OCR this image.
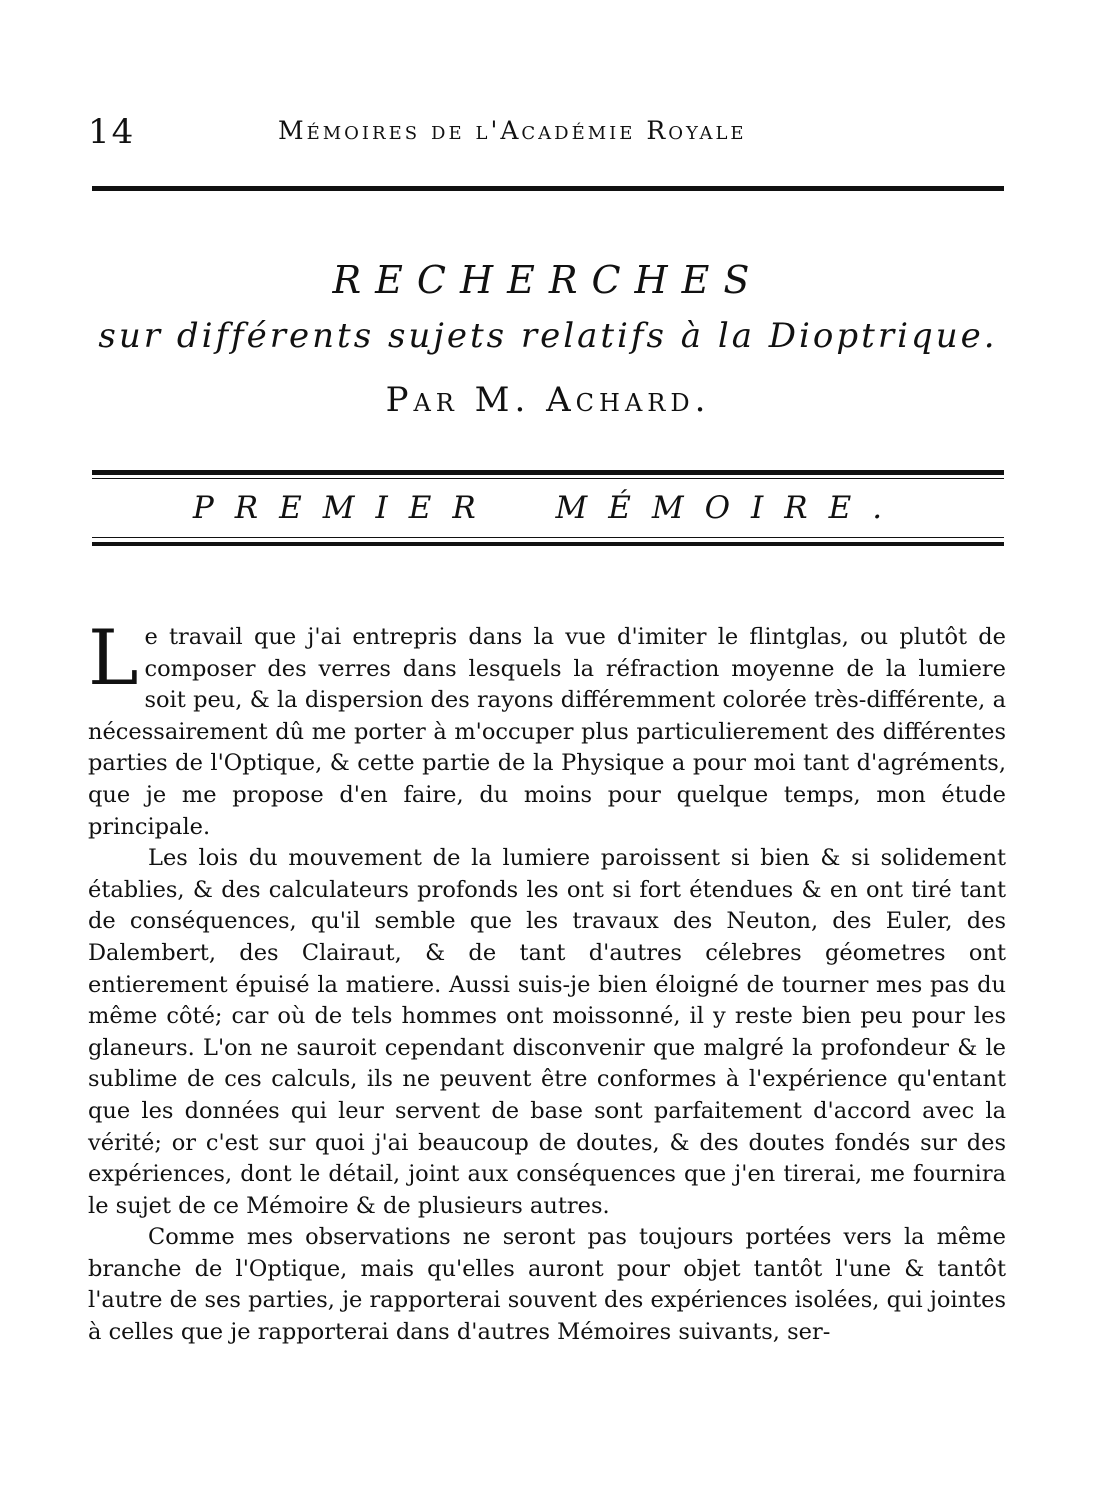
14	Mémoires de l'Académie Royale
RECHERCHES
sur différents sujets relatifs à la Dioptrique.
Par M. Achard.
PREMIER MÉMOIRE.

Le travail que j'ai entrepris dans la vue d'imiter le flintglas, ou plutôt de composer des verres dans lesquels la réfraction moyenne de la lumiere soit peu, & la dispersion des rayons différemment colorée très-différente, a nécessairement dû me porter à m'occuper plus particulierement des différentes parties de l'Optique, & cette partie de la Physique a pour moi tant d'agréments, que je me propose d'en faire, du moins pour quelque temps, mon étude principale.

Les lois du mouvement de la lumiere paroissent si bien & si solidement établies, & des calculateurs profonds les ont si fort étendues & en ont tiré tant de conséquences, qu'il semble que les travaux des Neuton, des Euler, des Dalembert, des Clairaut, & de tant d'autres célebres géometres ont entierement épuisé la matiere. Aussi suis-je bien éloigné de tourner mes pas du même côté; car où de tels hommes ont moissonné, il y reste bien peu pour les glaneurs. L'on ne sauroit cependant disconvenir que malgré la profondeur & le sublime de ces calculs, ils ne peuvent être conformes à l'expérience qu'entant que les données qui leur servent de base sont parfaitement d'accord avec la vérité; or c'est sur quoi j'ai beaucoup de doutes, & des doutes fondés sur des expériences, dont le détail, joint aux conséquences que j'en tirerai, me fournira le sujet de ce Mémoire & de plusieurs autres.

Comme mes observations ne seront pas toujours portées vers la même branche de l'Optique, mais qu'elles auront pour objet tantôt l'une & tantôt l'autre de ses parties, je rapporterai souvent des expériences isolées, qui jointes à celles que je rapporterai dans d'autres Mémoires suivants, ser-
